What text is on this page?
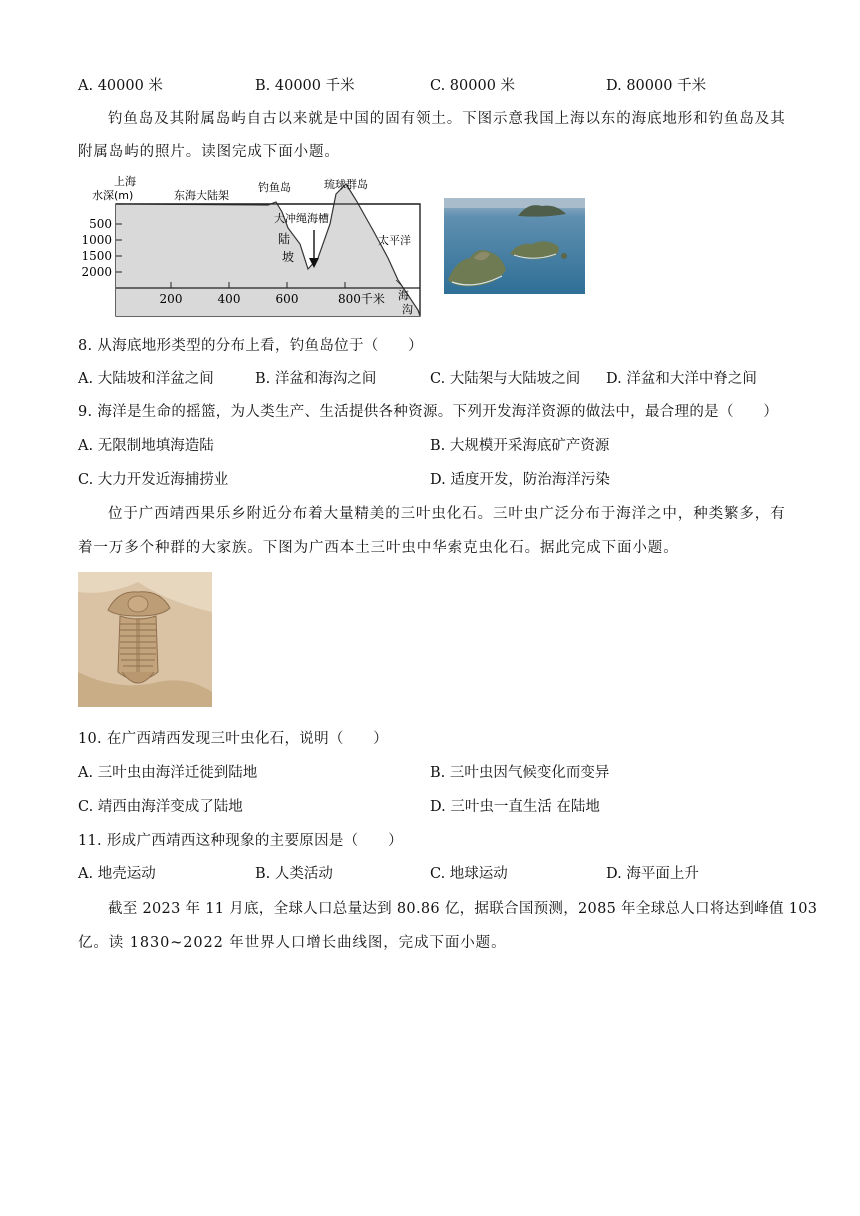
A. 40000 米	B. 40000 千米	C. 80000 米	D. 80000 千米
钓鱼岛及其附属岛屿自古以来就是中国的固有领土。下图示意我国上海以东的海底地形和钓鱼岛及其
附属岛屿的照片。读图完成下面小题。
上海
水深(m)	东海大陆架
钓鱼岛	琉球群岛
大冲绳海槽
陆
坡
太平洋
海
沟
500
1000
1500
2000
200	400	600	800千米
8. 从海底地形类型的分布上看，钓鱼岛位于（　　）
A. 大陆坡和洋盆之间	B. 洋盆和海沟之间	C. 大陆架与大陆坡之间 D. 洋盆和大洋中脊之间
9. 海洋是生命的摇篮，为人类生产、生活提供各种资源。下列开发海洋资源的做法中，最合理的是（　　）
A. 无限制地填海造陆	B. 大规模开采海底矿产资源
C. 大力开发近海捕捞业	D. 适度开发，防治海洋污染
位于广西靖西果乐乡附近分布着大量精美的三叶虫化石。三叶虫广泛分布于海洋之中，种类繁多，有
着一万多个种群的大家族。下图为广西本土三叶虫中华索克虫化石。据此完成下面小题。
10. 在广西靖西发现三叶虫化石，说明（　　）
A. 三叶虫由海洋迁徙到陆地	B. 三叶虫因气候变化而变异
C. 靖西由海洋变成了陆地	D. 三叶虫一直生活 在陆地
11. 形成广西靖西这种现象的主要原因是（　　）
A. 地壳运动	B. 人类活动	C. 地球运动	D. 海平面上升
截至 2023 年 11 月底，全球人口总量达到 80.86 亿，据联合国预测，2085 年全球总人口将达到峰值 103
亿。读 1830~2022 年世界人口增长曲线图，完成下面小题。
